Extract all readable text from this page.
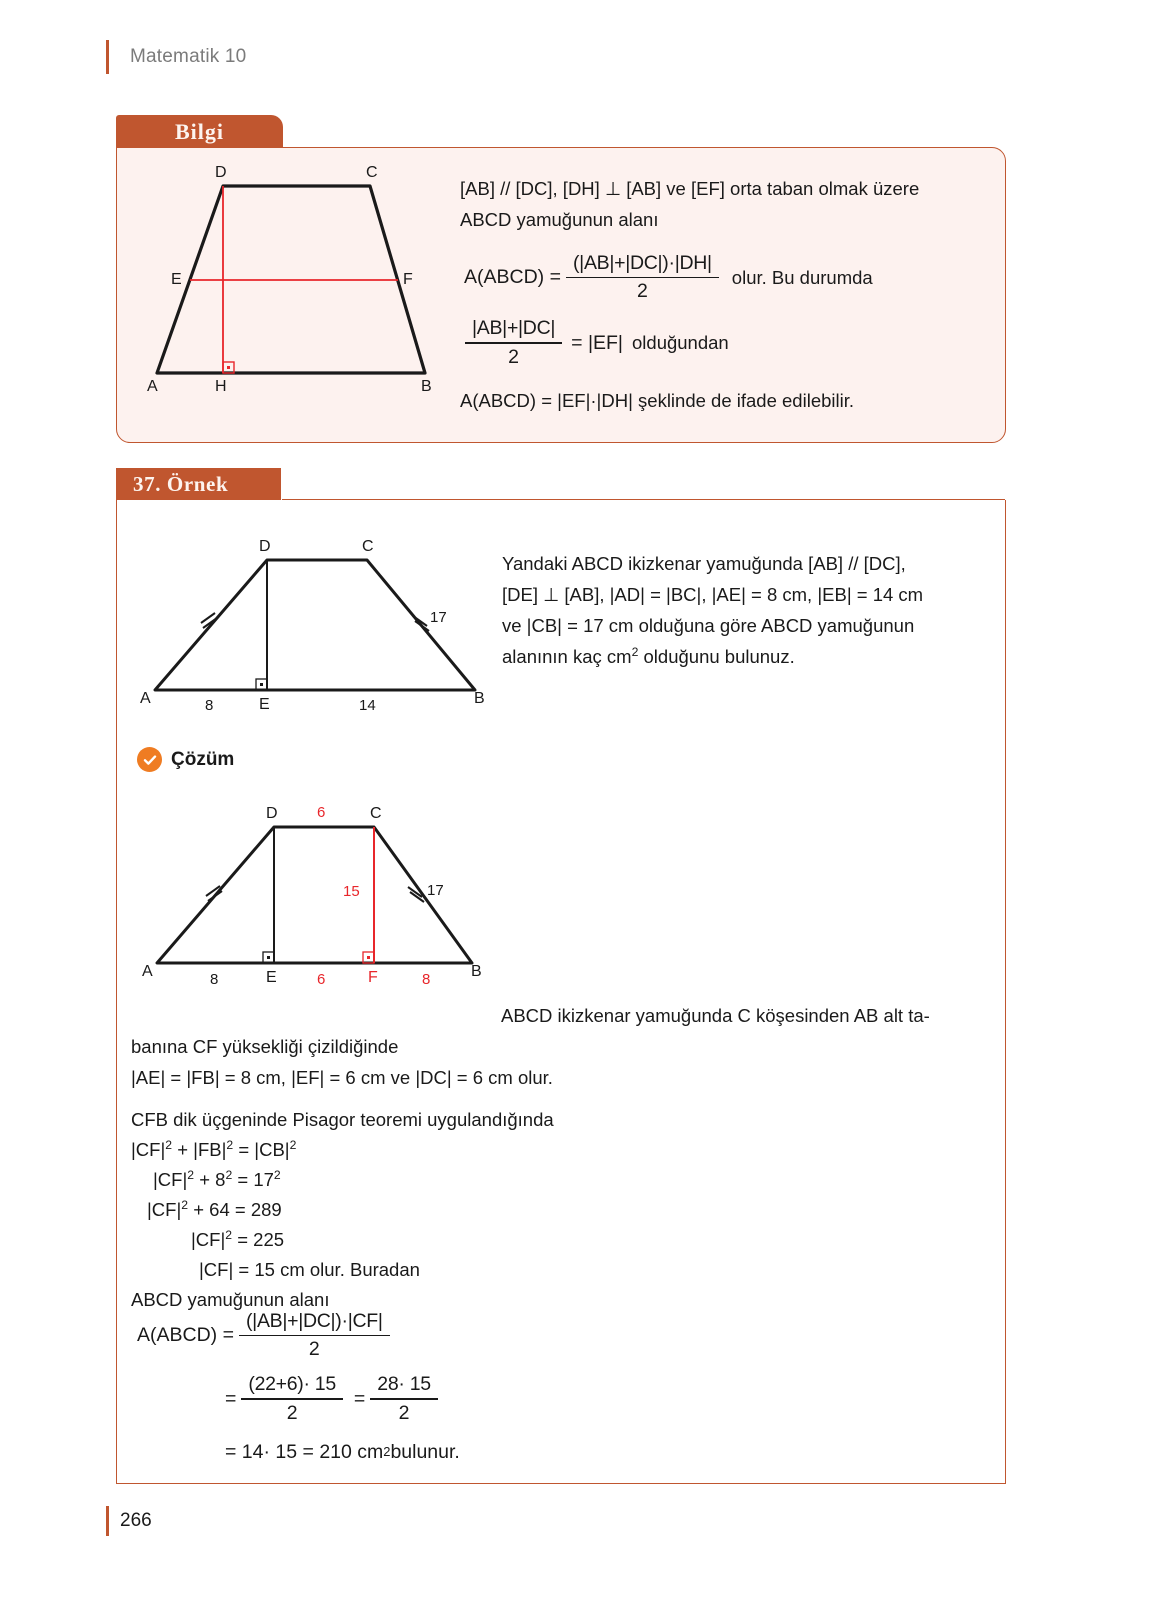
Matematik 10
Bilgi
D	C
E	F
A	H	B
[AB] // [DC], [DH] ⊥ [AB] ve [EF] orta taban olmak üzere
ABCD yamuğunun alanı
A(ABCD) = $\frac{(|AB|+|DC|)\cdot|DH|}{2}$ olur. Bu durumda
$\frac{|AB|+|DC|}{2} = |EF|$ olduğundan
A(ABCD) = |EF|·|DH| şeklinde de ifade edilebilir.
37. Örnek
D	C
A	E	B
8	14
17
Yandaki ABCD ikizkenar yamuğunda [AB] // [DC],
[DE] ⊥ [AB], |AD| = |BC|, |AE| = 8 cm, |EB| = 14 cm
ve |CB| = 17 cm olduğuna göre ABCD yamuğunun
alanının kaç $cm^2$ olduğunu bulunuz.
Çözüm
D	C
6
15	17
A	E	F	B
8	6	8
ABCD ikizkenar yamuğunda C köşesinden AB alt ta-
banına CF yüksekliği çizildiğinde
|AE| = |FB| = 8 cm, |EF| = 6 cm ve |DC| = 6 cm olur.
CFB dik üçgeninde Pisagor teoremi uygulandığında
$|CF|^2 + |FB|^2 = |CB|^2$
$|CF|^2 + 8^2 = 17^2$
$|CF|^2 + 64 = 289$
$|CF|^2 = 225$
|CF| = 15 cm olur. Buradan
ABCD yamuğunun alanı
A(ABCD) = $\frac{(|AB|+|DC|)\cdot|CF|}{2}$
= $\frac{(22+6)\cdot 15}{2} = \frac{28\cdot 15}{2}$
= 14· 15 = 210 cm 2 bulunur.
266
